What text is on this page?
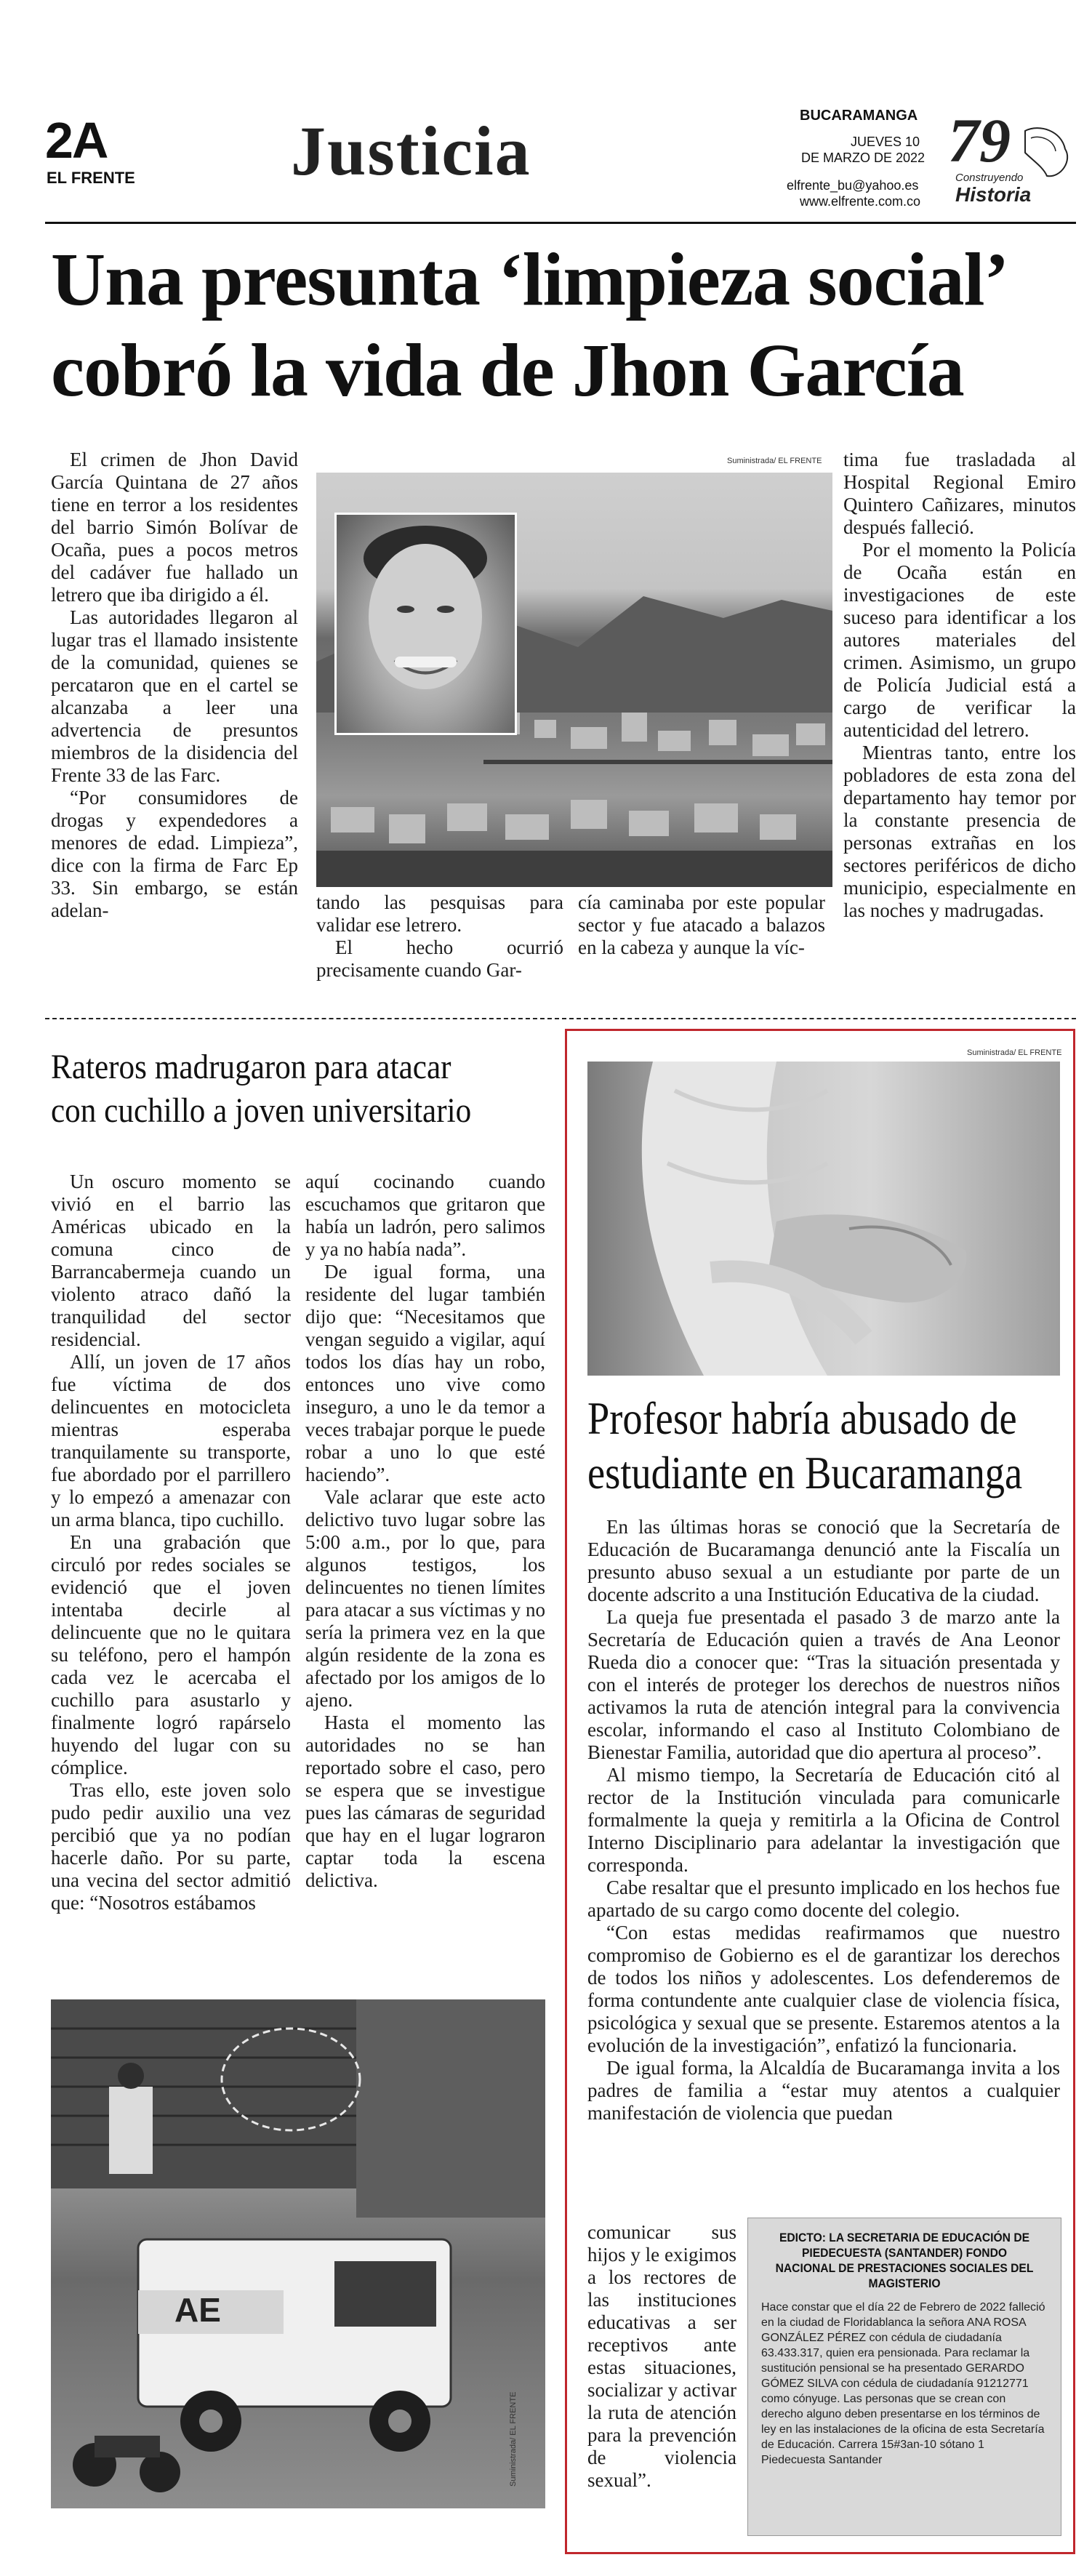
2A
EL FRENTE Justicia	BUCARAMANGA
JUEVES 10
DE MARZO DE 2022
elfrente_bu@yahoo.es
www.elfrente.com.co
79
Construyendo
Historia
Una presunta ‘limpieza social’
cobró la vida de Jhon García

El crimen de Jhon David García Quintana de 27 años tiene en terror a los residentes del barrio Simón Bolívar de Ocaña, pues a pocos metros del cadáver fue hallado un letrero que iba dirigido a él.

Las autoridades llegaron al lugar tras el llamado insistente de la comunidad, quienes se percataron que en el cartel se alcanzaba a leer una advertencia de presuntos miembros de la disidencia del Frente 33 de las Farc.

“Por consumidores de drogas y expendedores a menores de edad. Limpieza”, dice con la firma de Farc Ep 33. Sin embargo, se están adelan-

Suministrada/ EL FRENTE

tando las pesquisas para validar ese letrero.

El hecho ocurrió precisamente cuando Gar-

cía caminaba por este popular sector y fue atacado a balazos en la cabeza y aunque la víc-

tima fue trasladada al Hospital Regional Emiro Quintero Cañizares, minutos después falleció.

Por el momento la Policía de Ocaña están en investigaciones de este suceso para identificar a los autores materiales del crimen. Asimismo, un grupo de Policía Judicial está a cargo de verificar la autenticidad del letrero.

Mientras tanto, entre los pobladores de esta zona del departamento hay temor por la constante presencia de personas extrañas en los sectores periféricos de dicho municipio, especialmente en las noches y madrugadas.

Rateros madrugaron para atacar
con cuchillo a joven universitario

Un oscuro momento se vivió en el barrio las Américas ubicado en la comuna cinco de Barrancabermeja cuando un violento atraco dañó la tranquilidad del sector residencial.

Allí, un joven de 17 años fue víctima de dos delincuentes en motocicleta mientras esperaba tranquilamente su transporte, fue abordado por el parrillero y lo empezó a amenazar con un arma blanca, tipo cuchillo.

En una grabación que circuló por redes sociales se evidenció que el joven intentaba decirle al delincuente que no le quitara su teléfono, pero el hampón cada vez le acercaba el cuchillo para asustarlo y finalmente logró rapárselo huyendo del lugar con su cómplice.

Tras ello, este joven solo pudo pedir auxilio una vez percibió que ya no podían hacerle daño. Por su parte, una vecina del sector admitió que: “Nosotros estábamos

aquí cocinando cuando escuchamos que gritaron que había un ladrón, pero salimos y ya no había nada”.

De igual forma, una residente del lugar también dijo que: “Necesitamos que vengan seguido a vigilar, aquí todos los días hay un robo, entonces uno vive como inseguro, a uno le da temor a veces trabajar porque le puede robar a uno lo que esté haciendo”.

Vale aclarar que este acto delictivo tuvo lugar sobre las 5:00 a.m., por lo que, para algunos testigos, los delincuentes no tienen límites para atacar a sus víctimas y no sería la primera vez en la que algún residente de la zona es afectado por los amigos de lo ajeno.

Hasta el momento las autoridades no se han reportado sobre el caso, pero se espera que se investigue pues las cámaras de seguridad que hay en el lugar lograron captar toda la escena delictiva.

AE
Suministrada/ EL FRENTE
Suministrada/ EL FRENTE
Profesor habría abusado de
estudiante en Bucaramanga

En las últimas horas se conoció que la Secretaría de Educación de Bucaramanga denunció ante la Fiscalía un presunto abuso sexual a un estudiante por parte de un docente adscrito a una Institución Educativa de la ciudad.

La queja fue presentada el pasado 3 de marzo ante la Secretaría de Educación quien a través de Ana Leonor Rueda dio a conocer que: “Tras la situación presentada y con el interés de proteger los derechos de nuestros niños activamos la ruta de atención integral para la convivencia escolar, informando el caso al Instituto Colombiano de Bienestar Familia, autoridad que dio apertura al proceso”.

Al mismo tiempo, la Secretaría de Educación citó al rector de la Institución vinculada para comunicarle formalmente la queja y remitirla a la Oficina de Control Interno Disciplinario para adelantar la investigación que corresponda.

Cabe resaltar que el presunto implicado en los hechos fue apartado de su cargo como docente del colegio.

“Con estas medidas reafirmamos que nuestro compromiso de Gobierno es el de garantizar los derechos de todos los niños y adolescentes. Los defenderemos de forma contundente ante cualquier clase de violencia física, psicológica y sexual que se presente. Estaremos atentos a la evolución de la investigación”, enfatizó la funcionaria.

De igual forma, la Alcaldía de Bucaramanga invita a los padres de familia a “estar muy atentos a cualquier manifestación de violencia que puedan

comunicar sus hijos y le exigimos a los rectores de las instituciones educativas a ser receptivos ante estas situaciones, socializar y activar la ruta de atención para la prevención de violencia sexual”.

EDICTO: LA SECRETARIA DE EDUCACIÓN DE PIEDECUESTA (SANTANDER) FONDO NACIONAL DE PRESTACIONES SOCIALES DEL MAGISTERIO
Hace constar que el día 22 de Febrero de 2022 falleció en la ciudad de Floridablanca la señora ANA ROSA GONZÁLEZ PÉREZ con cédula de ciudadanía 63.433.317, quien era pensionada. Para reclamar la sustitución pensional se ha presentado GERARDO GÓMEZ SILVA con cédula de ciudadanía 91212771 como cónyuge. Las personas que se crean con derecho alguno deben presentarse en los términos de ley en las instalaciones de la oficina de esta Secretaría de Educación. Carrera 15#3an-10 sótano 1 Piedecuesta Santander
